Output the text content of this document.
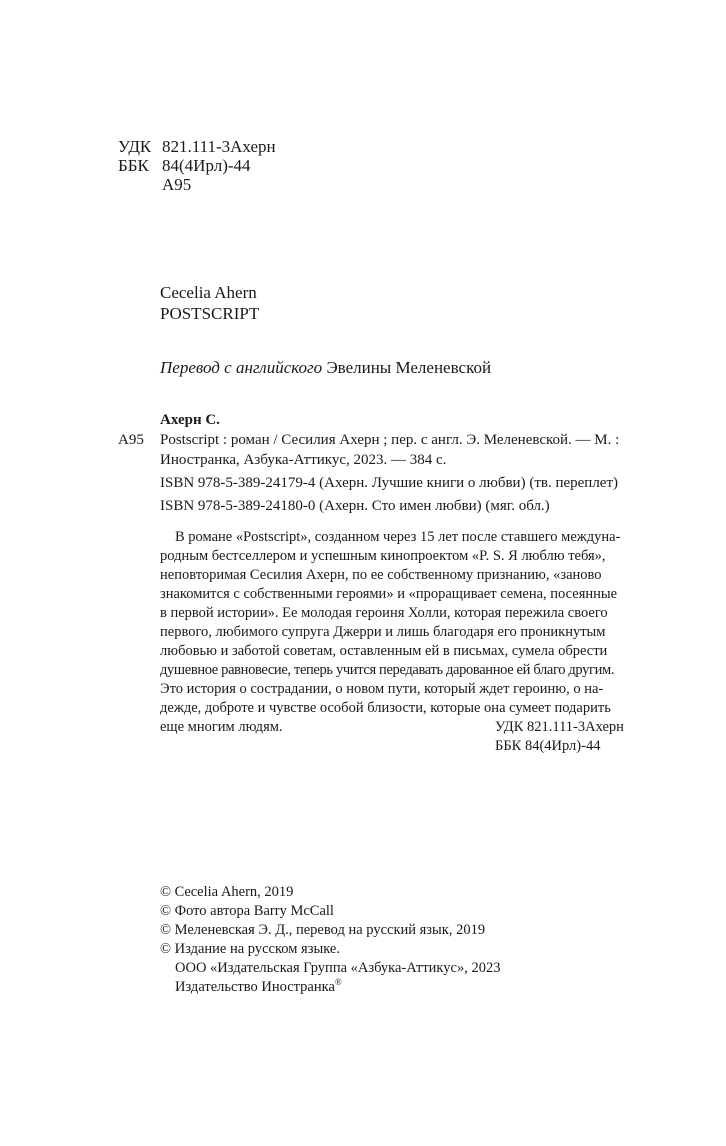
УДК 821.111-3Ахерн
ББК 84(4Ирл)-44
А95
Cecelia Ahern
POSTSCRIPT
Перевод с английского Эвелины Меленевской
Ахерн С.
А95 Postscript : роман / Сесилия Ахерн ; пер. с англ. Э. Меленевской. — М. :
Иностранка, Азбука-Аттикус, 2023. — 384 с.
ISBN 978-5-389-24179-4 (Ахерн. Лучшие книги о любви) (тв. переплет)
ISBN 978-5-389-24180-0 (Ахерн. Сто имен любви) (мяг. обл.)
В романе «Postscript», созданном через 15 лет после ставшего междуна-
родным бестселлером и успешным кинопроектом «P. S. Я люблю тебя»,
неповторимая Сесилия Ахерн, по ее собственному признанию, «заново
знакомится с собственными героями» и «проращивает семена, посеянные
в первой истории». Ее молодая героиня Холли, которая пережила своего
первого, любимого супруга Джерри и лишь благодаря его проникнутым
любовью и заботой советам, оставленным ей в письмах, сумела обрести
душевное равновесие, теперь учится передавать дарованное ей благо другим.
Это история о сострадании, о новом пути, который ждет героиню, о на-
дежде, доброте и чувстве особой близости, которые она сумеет подарить
еще многим людям.	УДК 821.111-3Ахерн
ББК 84(4Ирл)-44
© Cecelia Ahern, 2019
© Фото автора Barry McCall
© Меленевская Э. Д., перевод на русский язык, 2019
© Издание на русском языке.
ООО «Издательская Группа «Азбука-Аттикус», 2023
Издательство Иностранка®
